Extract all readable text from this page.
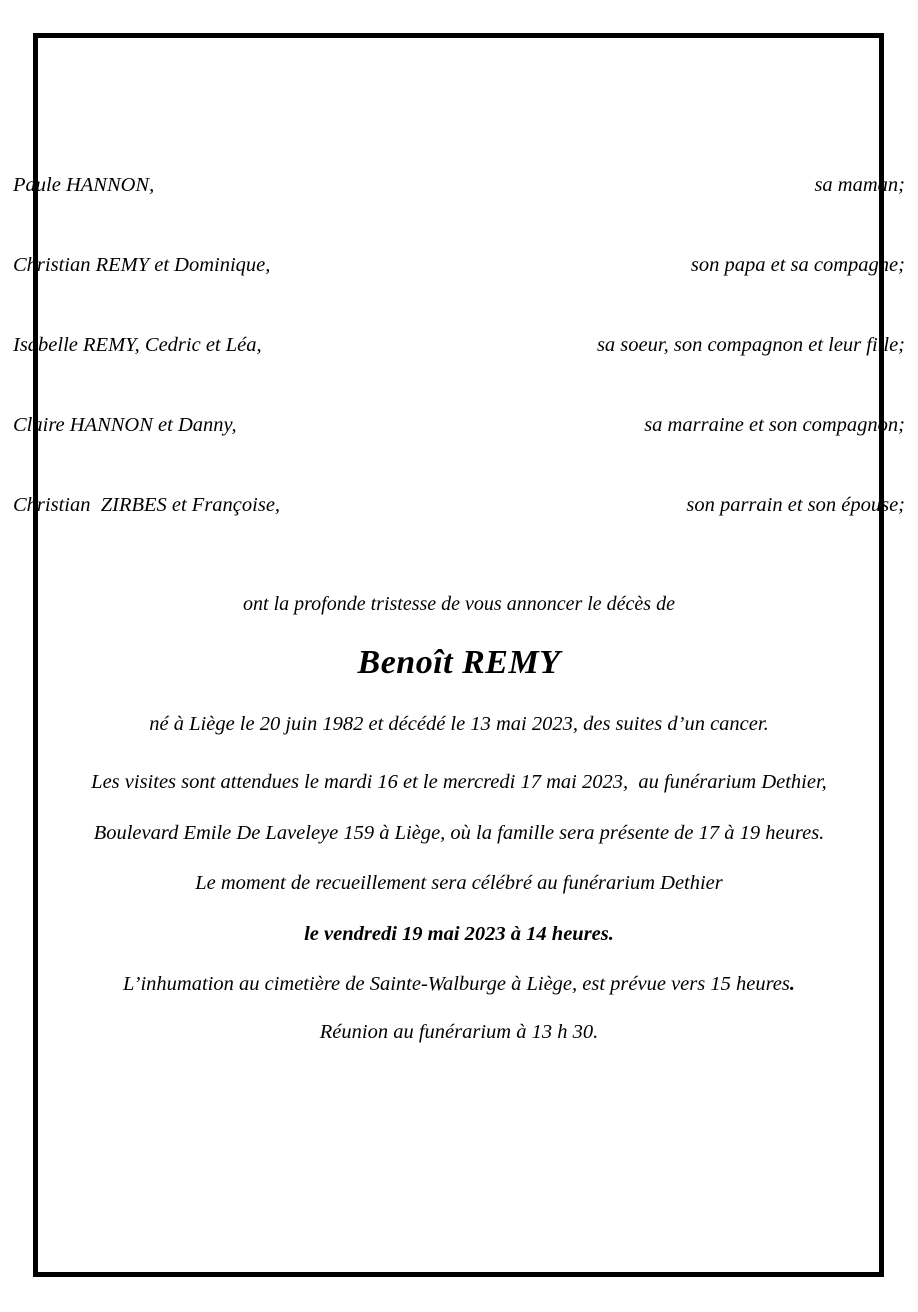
Paule HANNON,	sa maman;
Christian REMY et Dominique,	son papa et sa compagne;
Isabelle REMY, Cedric et Léa,	sa soeur, son compagnon et leur fille;
Claire HANNON et Danny,	sa marraine et son compagnon;
Christian  ZIRBES et Françoise,	son parrain et son épouse;
ont la profonde tristesse de vous annoncer le décès de
Benoît REMY
né à Liège le 20 juin 1982 et décédé le 13 mai 2023, des suites d’un cancer.
Les visites sont attendues le mardi 16 et le mercredi 17 mai 2023,  au funérarium Dethier,
Boulevard Emile De Laveleye 159 à Liège, où la famille sera présente de 17 à 19 heures.
Le moment de recueillement sera célébré au funérarium Dethier
le vendredi 19 mai 2023 à 14 heures.
L’inhumation au cimetière de Sainte-Walburge à Liège, est prévue vers 15 heures.
Réunion au funérarium à 13 h 30.
